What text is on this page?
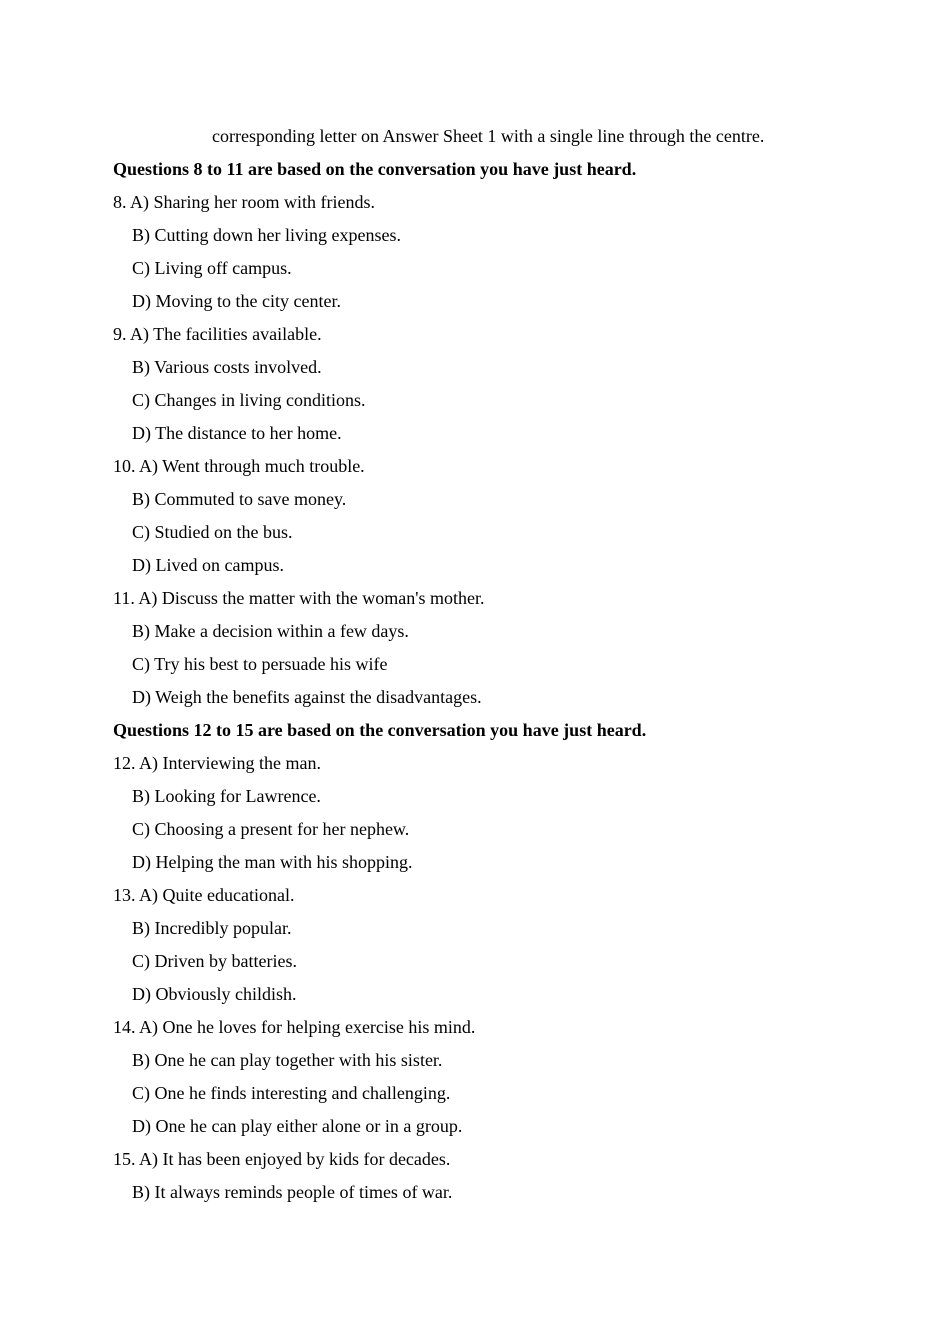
corresponding letter on Answer Sheet 1 with a single line through the centre.
Questions 8 to 11 are based on the conversation you have just heard.
8. A) Sharing her room with friends.
B) Cutting down her living expenses.
C) Living off campus.
D) Moving to the city center.
9. A) The facilities available.
B) Various costs involved.
C) Changes in living conditions.
D) The distance to her home.
10. A) Went through much trouble.
B) Commuted to save money.
C) Studied on the bus.
D) Lived on campus.
11. A) Discuss the matter with the woman's mother.
B) Make a decision within a few days.
C) Try his best to persuade his wife
D) Weigh the benefits against the disadvantages.
Questions 12 to 15 are based on the conversation you have just heard.
12. A) Interviewing the man.
B) Looking for Lawrence.
C) Choosing a present for her nephew.
D) Helping the man with his shopping.
13. A) Quite educational.
B) Incredibly popular.
C) Driven by batteries.
D) Obviously childish.
14. A) One he loves for helping exercise his mind.
B) One he can play together with his sister.
C) One he finds interesting and challenging.
D) One he can play either alone or in a group.
15. A) It has been enjoyed by kids for decades.
B) It always reminds people of times of war.
